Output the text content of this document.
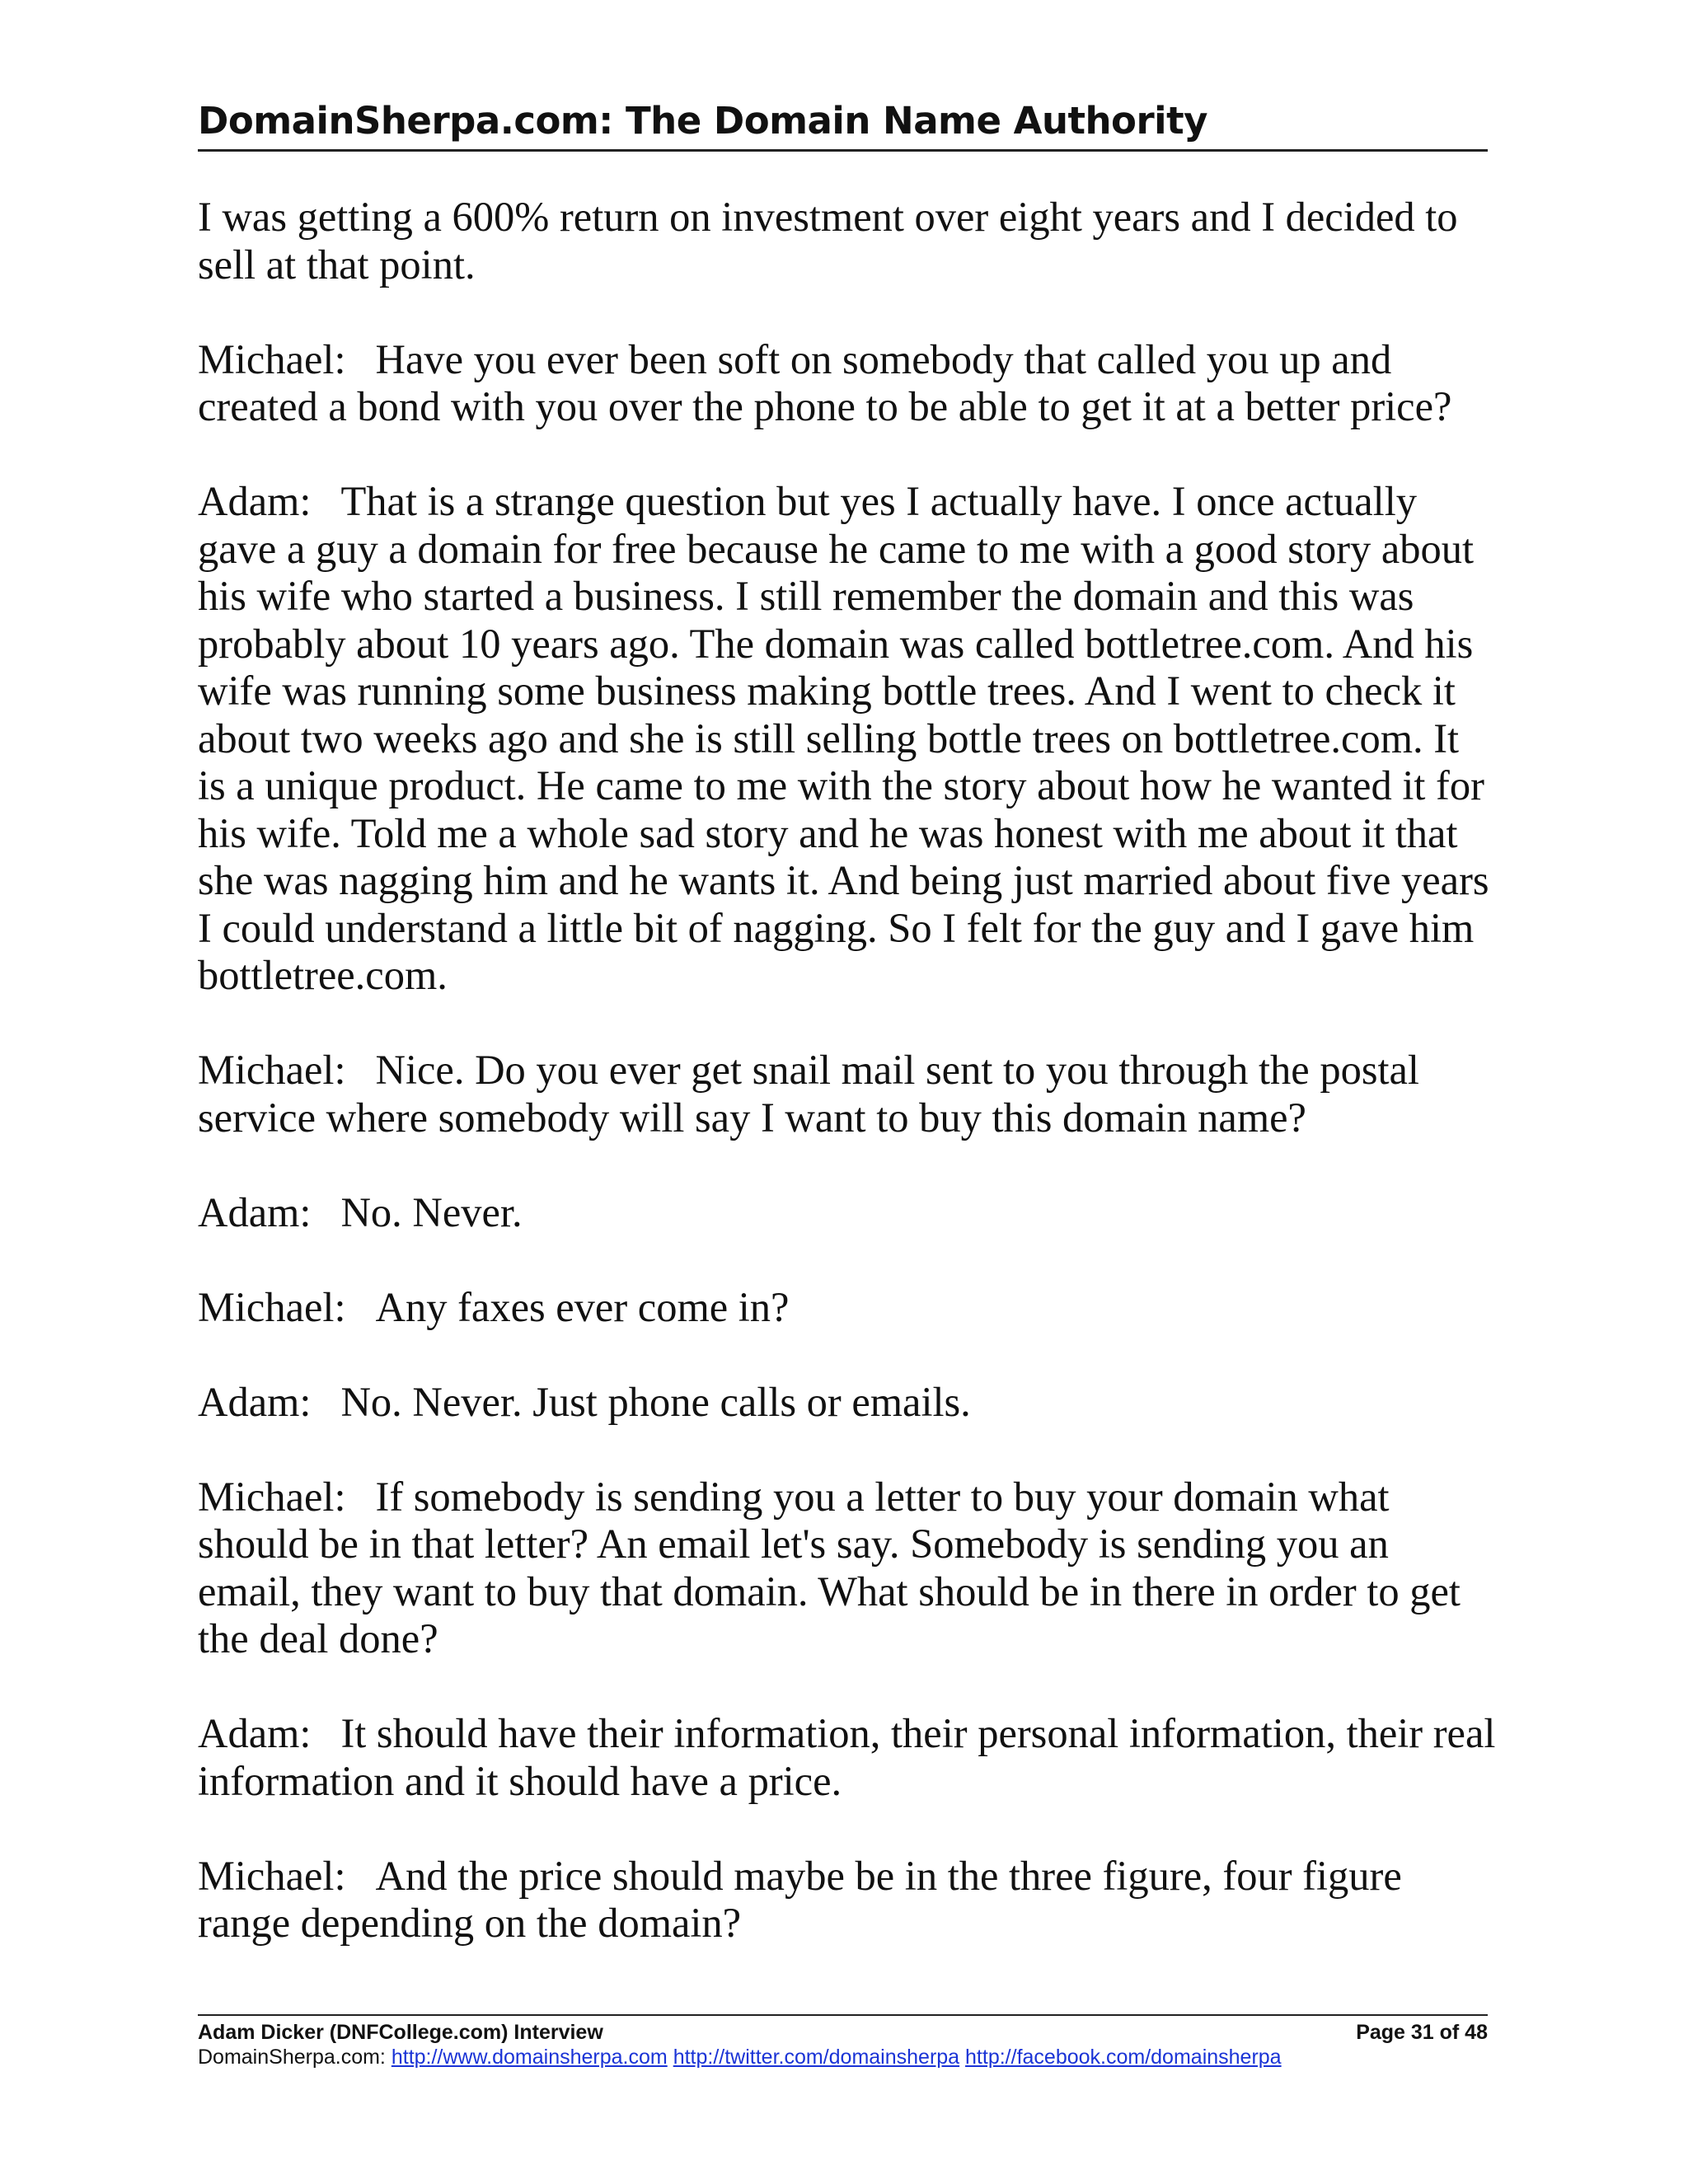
DomainSherpa.com: The Domain Name Authority

I was getting a 600% return on investment over eight years and I decided to sell at that point.

Michael: Have you ever been soft on somebody that called you up and created a bond with you over the phone to be able to get it at a better price?

Adam: That is a strange question but yes I actually have. I once actually gave a guy a domain for free because he came to me with a good story about his wife who started a business. I still remember the domain and this was probably about 10 years ago. The domain was called bottletree.com. And his wife was running some business making bottle trees. And I went to check it about two weeks ago and she is still selling bottle trees on bottletree.com. It is a unique product. He came to me with the story about how he wanted it for his wife. Told me a whole sad story and he was honest with me about it that she was nagging him and he wants it. And being just married about five years I could understand a little bit of nagging. So I felt for the guy and I gave him bottletree.com.

Michael: Nice. Do you ever get snail mail sent to you through the postal service where somebody will say I want to buy this domain name?

Adam: No. Never.

Michael: Any faxes ever come in?

Adam: No. Never. Just phone calls or emails.

Michael: If somebody is sending you a letter to buy your domain what should be in that letter? An email let's say. Somebody is sending you an email, they want to buy that domain. What should be in there in order to get the deal done?

Adam: It should have their information, their personal information, their real information and it should have a price.

Michael: And the price should maybe be in the three figure, four figure range depending on the domain?

Adam Dicker (DNFCollege.com) Interview	Page 31 of 48
DomainSherpa.com: http://www.domainsherpa.com http://twitter.com/domainsherpa http://facebook.com/domainsherpa
